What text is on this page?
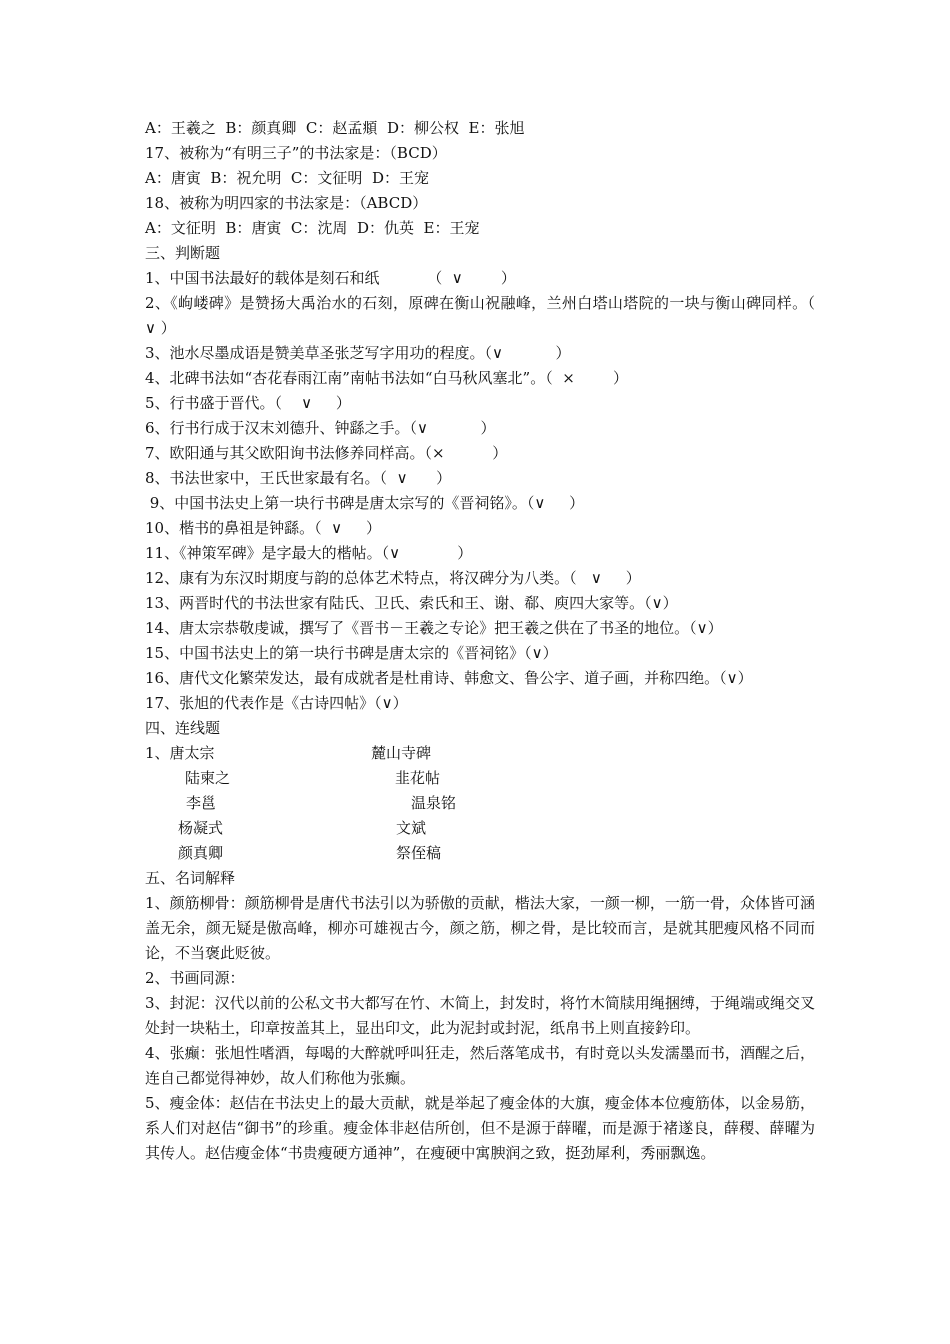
A：王羲之  B：颜真卿  C：赵孟頫  D：柳公权  E：张旭
17、被称为“有明三子”的书法家是：（BCD）
A：唐寅  B：祝允明  C：文征明  D：王宠
18、被称为明四家的书法家是：（ABCD）
A：文征明  B：唐寅  C：沈周  D：仇英  E：王宠
三、判断题
1、中国书法最好的载体是刻石和纸          （  ∨        ）
2、《岣嵝碑》是赞扬大禹治水的石刻，原碑在衡山祝融峰，兰州白塔山塔院的一块与衡山碑同样。（ ∨ ）
3、池水尽墨成语是赞美草圣张芝写字用功的程度。（∨           ）
4、北碑书法如“杏花春雨江南”南帖书法如“白马秋风塞北”。（  ×        ）
5、行书盛于晋代。（    ∨     ）
6、行书行成于汉末刘德升、钟繇之手。（∨           ）
7、欧阳通与其父欧阳询书法修养同样高。（×          ）
8、书法世家中，王氏世家最有名。（  ∨      ）
9、中国书法史上第一块行书碑是唐太宗写的《晋祠铭》。（∨     ）
10、楷书的鼻祖是钟繇。（  ∨     ）
11、《神策军碑》是字最大的楷帖。（∨            ）
12、康有为东汉时期度与韵的总体艺术特点，将汉碑分为八类。（   ∨     ）
13、两晋时代的书法世家有陆氏、卫氏、索氏和王、谢、郗、庾四大家等。（∨）
14、唐太宗恭敬虔诚，撰写了《晋书－王羲之专论》把王羲之供在了书圣的地位。（∨）
15、中国书法史上的第一块行书碑是唐太宗的《晋祠铭》（∨）
16、唐代文化繁荣发达，最有成就者是杜甫诗、韩愈文、鲁公字、道子画，并称四绝。（∨）
17、张旭的代表作是《古诗四帖》（∨）
四、连线题
1、唐太宗	麓山寺碑
陆柬之	韭花帖
李邕	温泉铭
杨凝式	文斌
颜真卿	祭侄稿
五、名词解释
1、颜筋柳骨：颜筋柳骨是唐代书法引以为骄傲的贡献，楷法大家，一颜一柳，一筋一骨，众体皆可涵盖无余，颜无疑是傲高峰，柳亦可雄视古今，颜之筋，柳之骨，是比较而言，是就其肥瘦风格不同而论，不当褒此贬彼。
2、书画同源：
3、封泥：汉代以前的公私文书大都写在竹、木简上，封发时，将竹木简牍用绳捆缚，于绳端或绳交叉处封一块粘土，印章按盖其上，显出印文，此为泥封或封泥，纸帛书上则直接鈐印。
4、张癫：张旭性嗜酒，每喝的大醉就呼叫狂走，然后落笔成书，有时竟以头发濡墨而书，酒醒之后，连自己都觉得神妙，故人们称他为张癫。
5、瘦金体：赵佶在书法史上的最大贡献，就是举起了瘦金体的大旗，瘦金体本位瘦筋体，以金易筋，系人们对赵佶“御书”的珍重。瘦金体非赵佶所创，但不是源于薛曜，而是源于褚遂良，薛稷、薛曜为其传人。赵佶瘦金体“书贵瘦硬方通神”，在瘦硬中寓腴润之致，挺劲犀利，秀丽飘逸。
